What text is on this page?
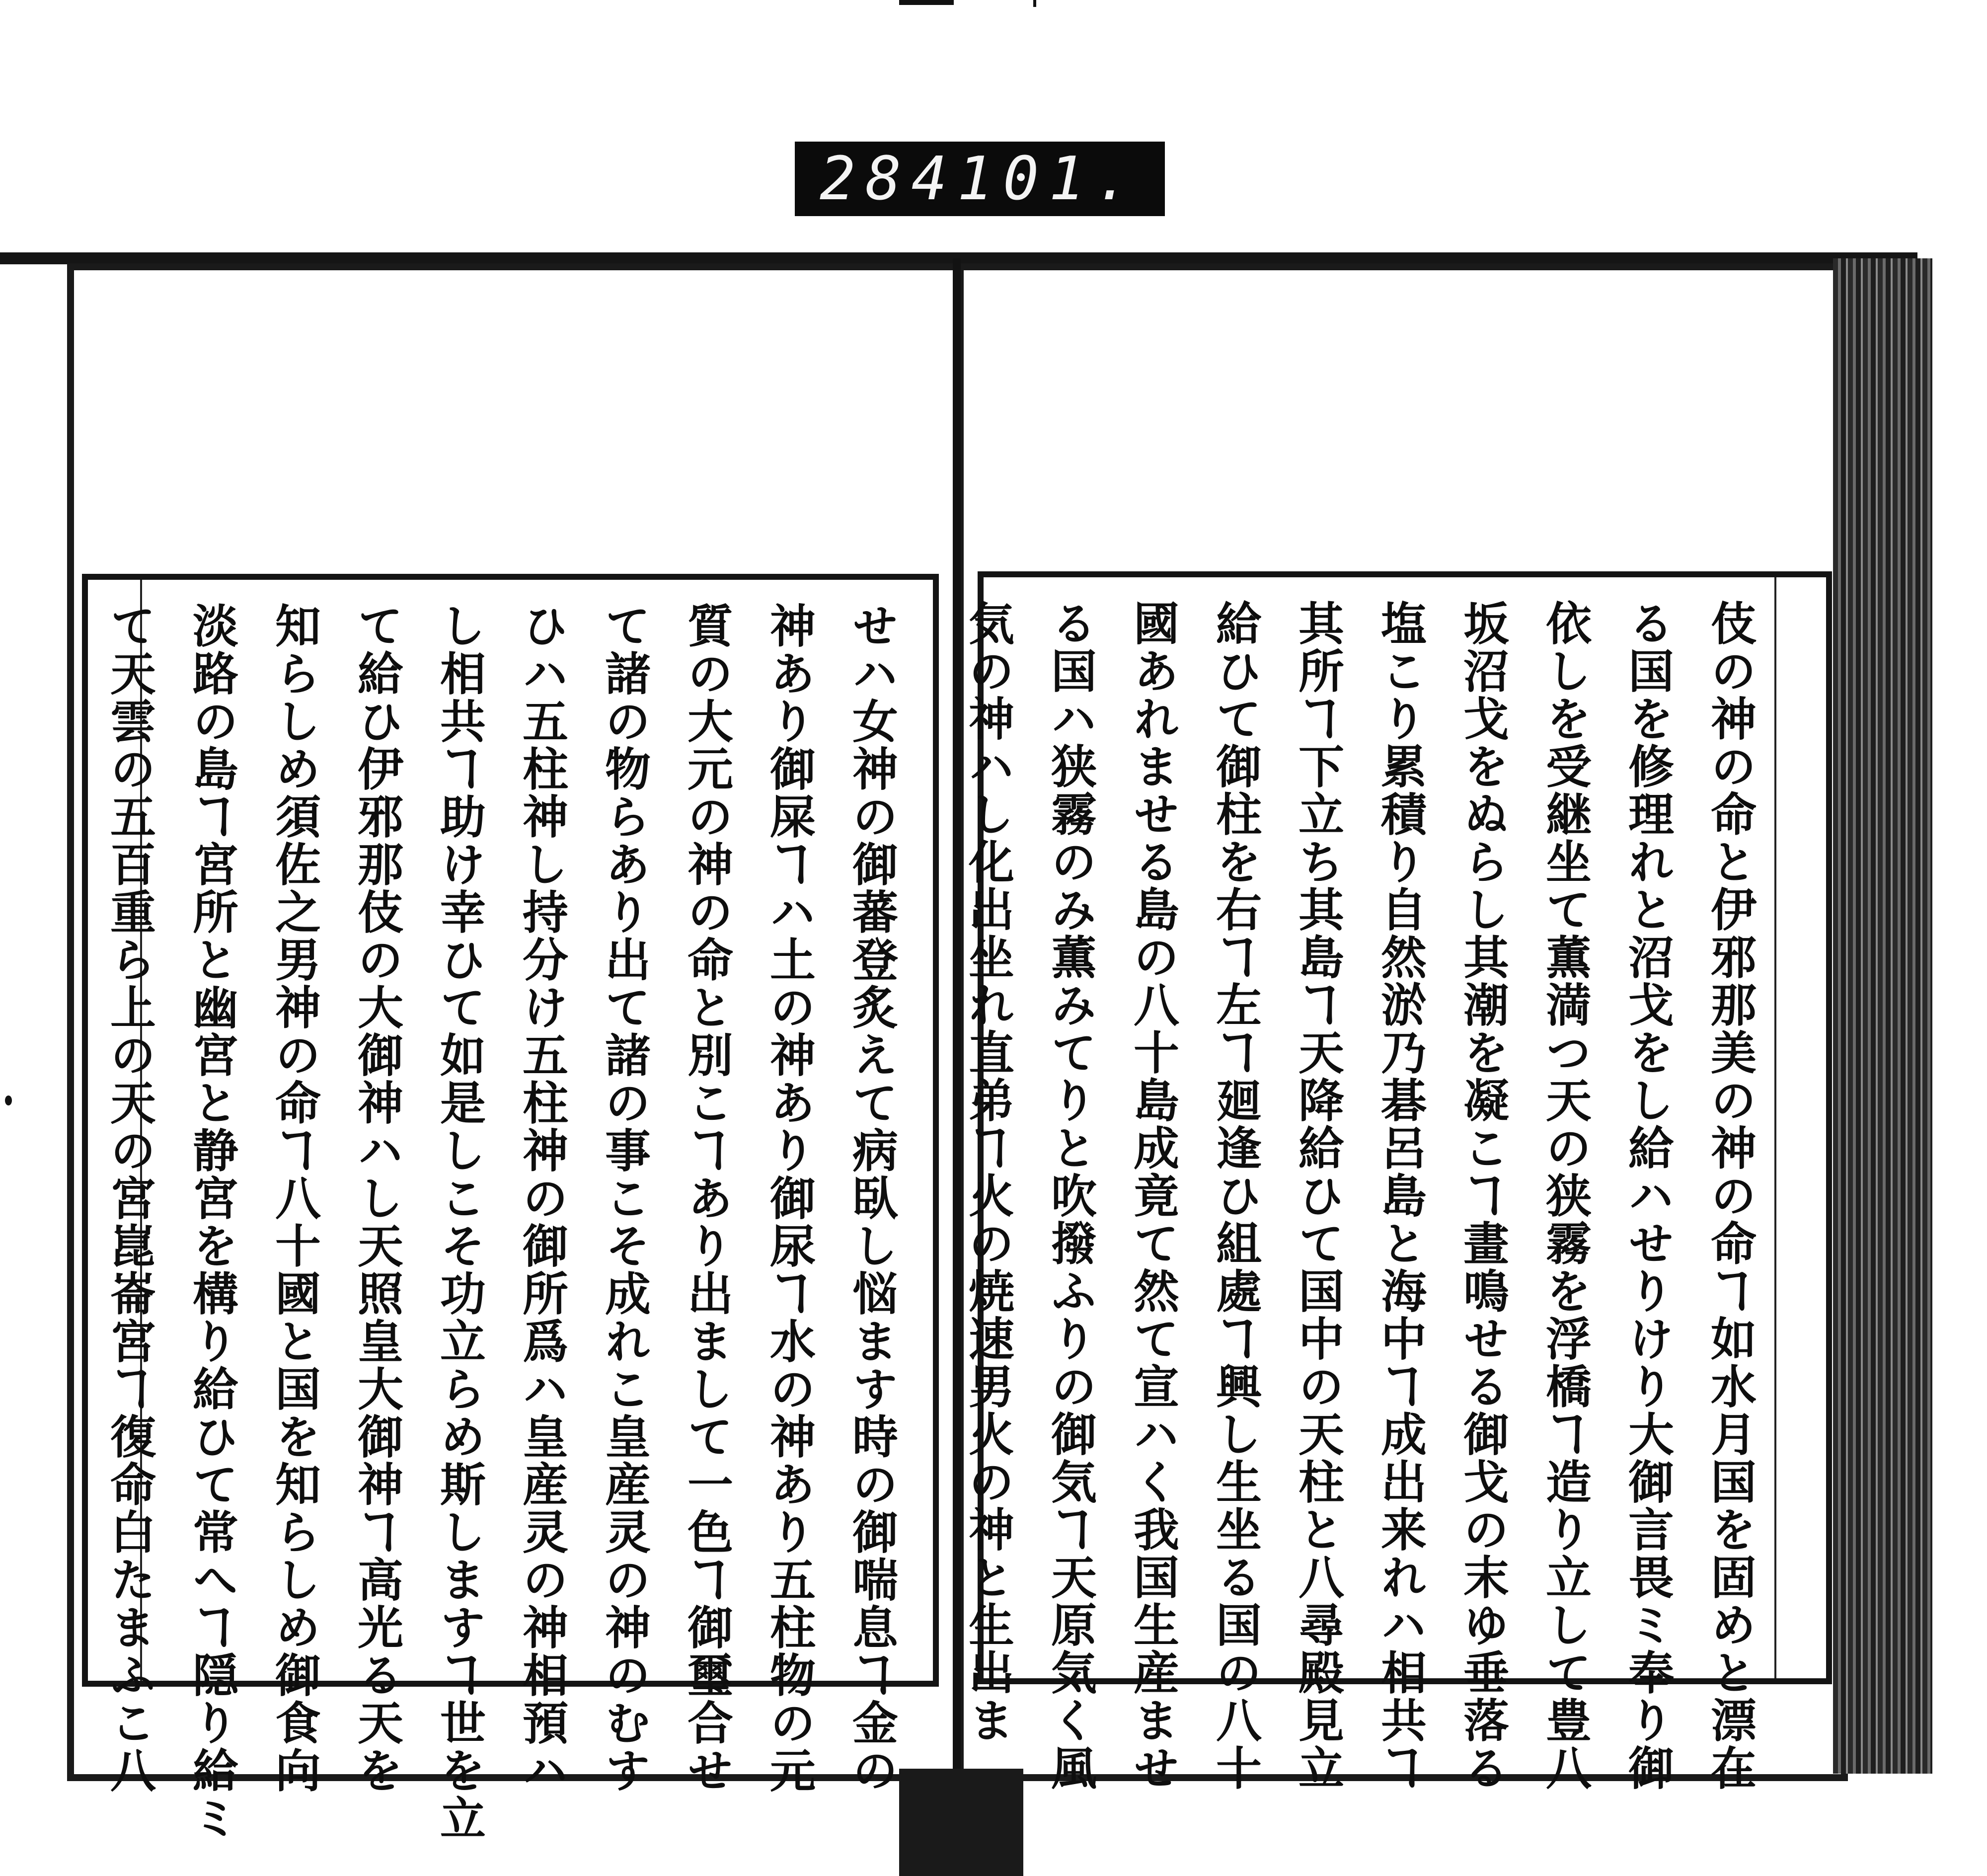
284 101.
伎の神の命と伊邪那美の神の命ヿ如水月国を固めと漂在
る国を修理れと沼戈をし給ハせりけり大御言畏ミ奉り御
依しを受継坐て薫満つ天の狭霧を浮橋ヿ造り立して豊八
坂沼戈をぬらし其潮を凝こヿ畫鳴せる御戈の末ゆ垂落る
塩こり累積り自然淤乃碁呂島と海中ヿ成出来れハ相共ヿ
其所ヿ下立ち其島ヿ天降給ひて国中の天柱と八尋殿見立
給ひて御柱を右ヿ左ヿ廻逢ひ組處ヿ興し生坐る国の八十
國あれませる島の八十島成竟て然て宣ハく我国生産ませ
る国ハ狭霧のみ薫みてりと吹撥ふりの御気ヿ天原気く風
気の神ハし化出坐れ直弟ヿ火の焼速男火の神と生出ま
せハ女神の御蕃登炙えて病臥し悩ます時の御喘息ヿ金の
神あり御屎ヿハ土の神あり御尿ヿ水の神あり五柱物の元
質の大元の神の命と別こヿあり出まして一色ヿ御璽合せ
て諸の物らあり出て諸の事こそ成れこ皇産灵の神のむす
ひハ五柱神し持分け五柱神の御所爲ハ皇産灵の神相預ハ
し相共ヿ助け幸ひて如是しこそ功立らめ斯しますヿ世を立
て給ひ伊邪那伎の大御神ハし天照皇大御神ヿ高光る天を
知らしめ須佐之男神の命ヿ八十國と国を知らしめ御食向
淡路の島ヿ宮所と幽宮と静宮を構り給ひて常へヿ隠り給ミ
て天雲の五百重ら上の天の宮崑崙宮ヿ復命白たまふこ八
